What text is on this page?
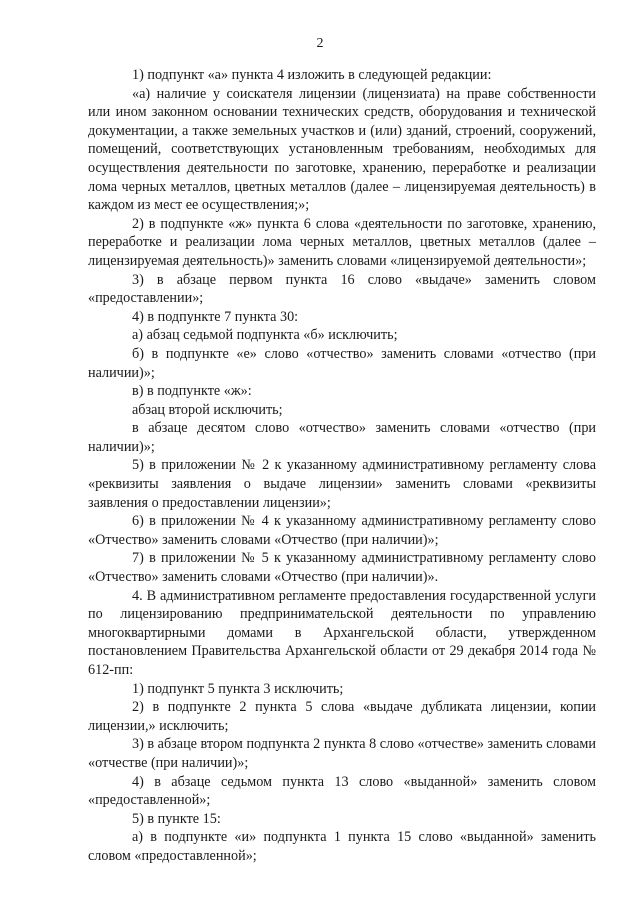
2

1) подпункт «а» пункта 4 изложить в следующей редакции:

«а) наличие у соискателя лицензии (лицензиата) на праве собственности или ином законном основании технических средств, оборудования и технической документации, а также земельных участков и (или) зданий, строений, сооружений, помещений, соответствующих установленным требованиям, необходимых для осуществления деятельности по заготовке, хранению, переработке и реализации лома черных металлов, цветных металлов (далее – лицензируемая деятельность) в каждом из мест ее осуществления;»;

2) в подпункте «ж» пункта 6 слова «деятельности по заготовке, хранению, переработке и реализации лома черных металлов, цветных металлов (далее – лицензируемая деятельность)» заменить словами «лицензируемой деятельности»;

3) в абзаце первом пункта 16 слово «выдаче» заменить словом «предоставлении»;

4) в подпункте 7 пункта 30:

а) абзац седьмой подпункта «б» исключить;

б) в подпункте «е» слово «отчество» заменить словами «отчество (при наличии)»;

в) в подпункте «ж»:

абзац второй исключить;

в абзаце десятом слово «отчество» заменить словами «отчество (при наличии)»;

5) в приложении № 2 к указанному административному регламенту слова «реквизиты заявления о выдаче лицензии» заменить словами «реквизиты заявления о предоставлении лицензии»;

6) в приложении № 4 к указанному административному регламенту слово «Отчество» заменить словами «Отчество (при наличии)»;

7) в приложении № 5 к указанному административному регламенту слово «Отчество» заменить словами «Отчество (при наличии)».

4. В административном регламенте предоставления государственной услуги по лицензированию предпринимательской деятельности по управлению многоквартирными домами в Архангельской области, утвержденном постановлением Правительства Архангельской области от 29 декабря 2014 года № 612-пп:

1) подпункт 5 пункта 3 исключить;

2) в подпункте 2 пункта 5 слова «выдаче дубликата лицензии, копии лицензии,» исключить;

3) в абзаце втором подпункта 2 пункта 8 слово «отчестве» заменить словами «отчестве (при наличии)»;

4) в абзаце седьмом пункта 13 слово «выданной» заменить словом «предоставленной»;

5) в пункте 15:

а) в подпункте «и» подпункта 1 пункта 15 слово «выданной» заменить словом «предоставленной»;
